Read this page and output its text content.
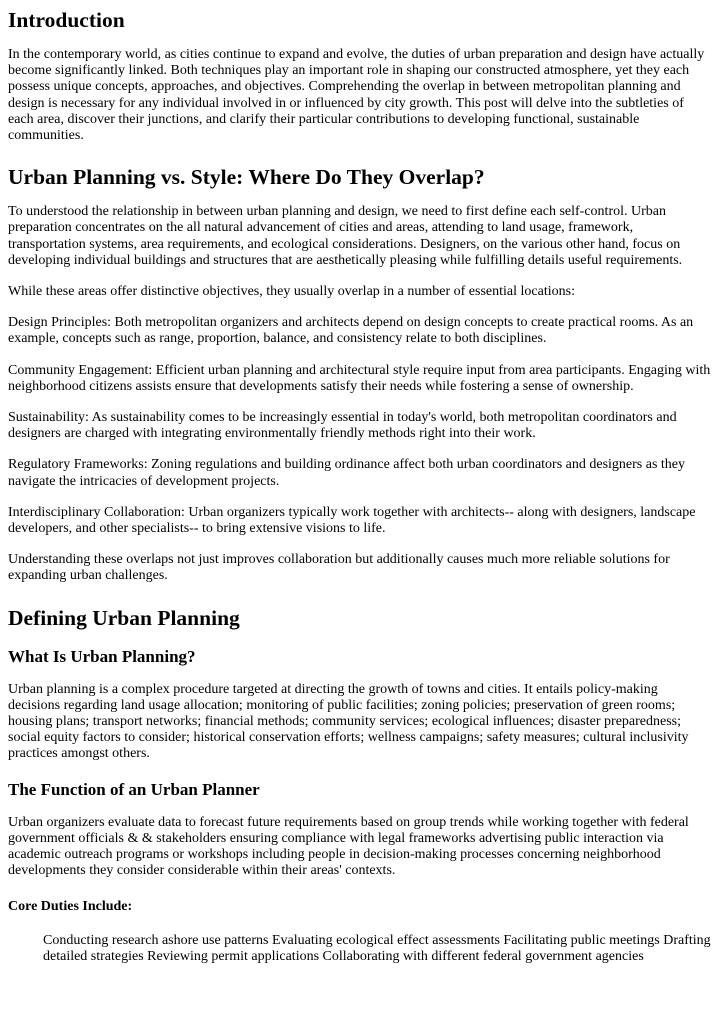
Introduction

In the contemporary world, as cities continue to expand and evolve, the duties of urban preparation and design have actually become significantly linked. Both techniques play an important role in shaping our constructed atmosphere, yet they each possess unique concepts, approaches, and objectives. Comprehending the overlap in between metropolitan planning and design is necessary for any individual involved in or influenced by city growth. This post will delve into the subtleties of each area, discover their junctions, and clarify their particular contributions to developing functional, sustainable communities.

Urban Planning vs. Style: Where Do They Overlap?

To understood the relationship in between urban planning and design, we need to first define each self-control. Urban preparation concentrates on the all natural advancement of cities and areas, attending to land usage, framework, transportation systems, area requirements, and ecological considerations. Designers, on the various other hand, focus on developing individual buildings and structures that are aesthetically pleasing while fulfilling details useful requirements.

While these areas offer distinctive objectives, they usually overlap in a number of essential locations:

Design Principles: Both metropolitan organizers and architects depend on design concepts to create practical rooms. As an example, concepts such as range, proportion, balance, and consistency relate to both disciplines.

Community Engagement: Efficient urban planning and architectural style require input from area participants. Engaging with neighborhood citizens assists ensure that developments satisfy their needs while fostering a sense of ownership.

Sustainability: As sustainability comes to be increasingly essential in today's world, both metropolitan coordinators and designers are charged with integrating environmentally friendly methods right into their work.

Regulatory Frameworks: Zoning regulations and building ordinance affect both urban coordinators and designers as they navigate the intricacies of development projects.

Interdisciplinary Collaboration: Urban organizers typically work together with architects-- along with designers, landscape developers, and other specialists-- to bring extensive visions to life.

Understanding these overlaps not just improves collaboration but additionally causes much more reliable solutions for expanding urban challenges.

Defining Urban Planning
What Is Urban Planning?

Urban planning is a complex procedure targeted at directing the growth of towns and cities. It entails policy-making decisions regarding land usage allocation; monitoring of public facilities; zoning policies; preservation of green rooms; housing plans; transport networks; financial methods; community services; ecological influences; disaster preparedness; social equity factors to consider; historical conservation efforts; wellness campaigns; safety measures; cultural inclusivity practices amongst others.

The Function of an Urban Planner

Urban organizers evaluate data to forecast future requirements based on group trends while working together with federal government officials & & stakeholders ensuring compliance with legal frameworks advertising public interaction via academic outreach programs or workshops including people in decision-making processes concerning neighborhood developments they consider considerable within their areas' contexts.

Core Duties Include:

Conducting research ashore use patterns Evaluating ecological effect assessments Facilitating public meetings Drafting detailed strategies Reviewing permit applications Collaborating with different federal government agencies
